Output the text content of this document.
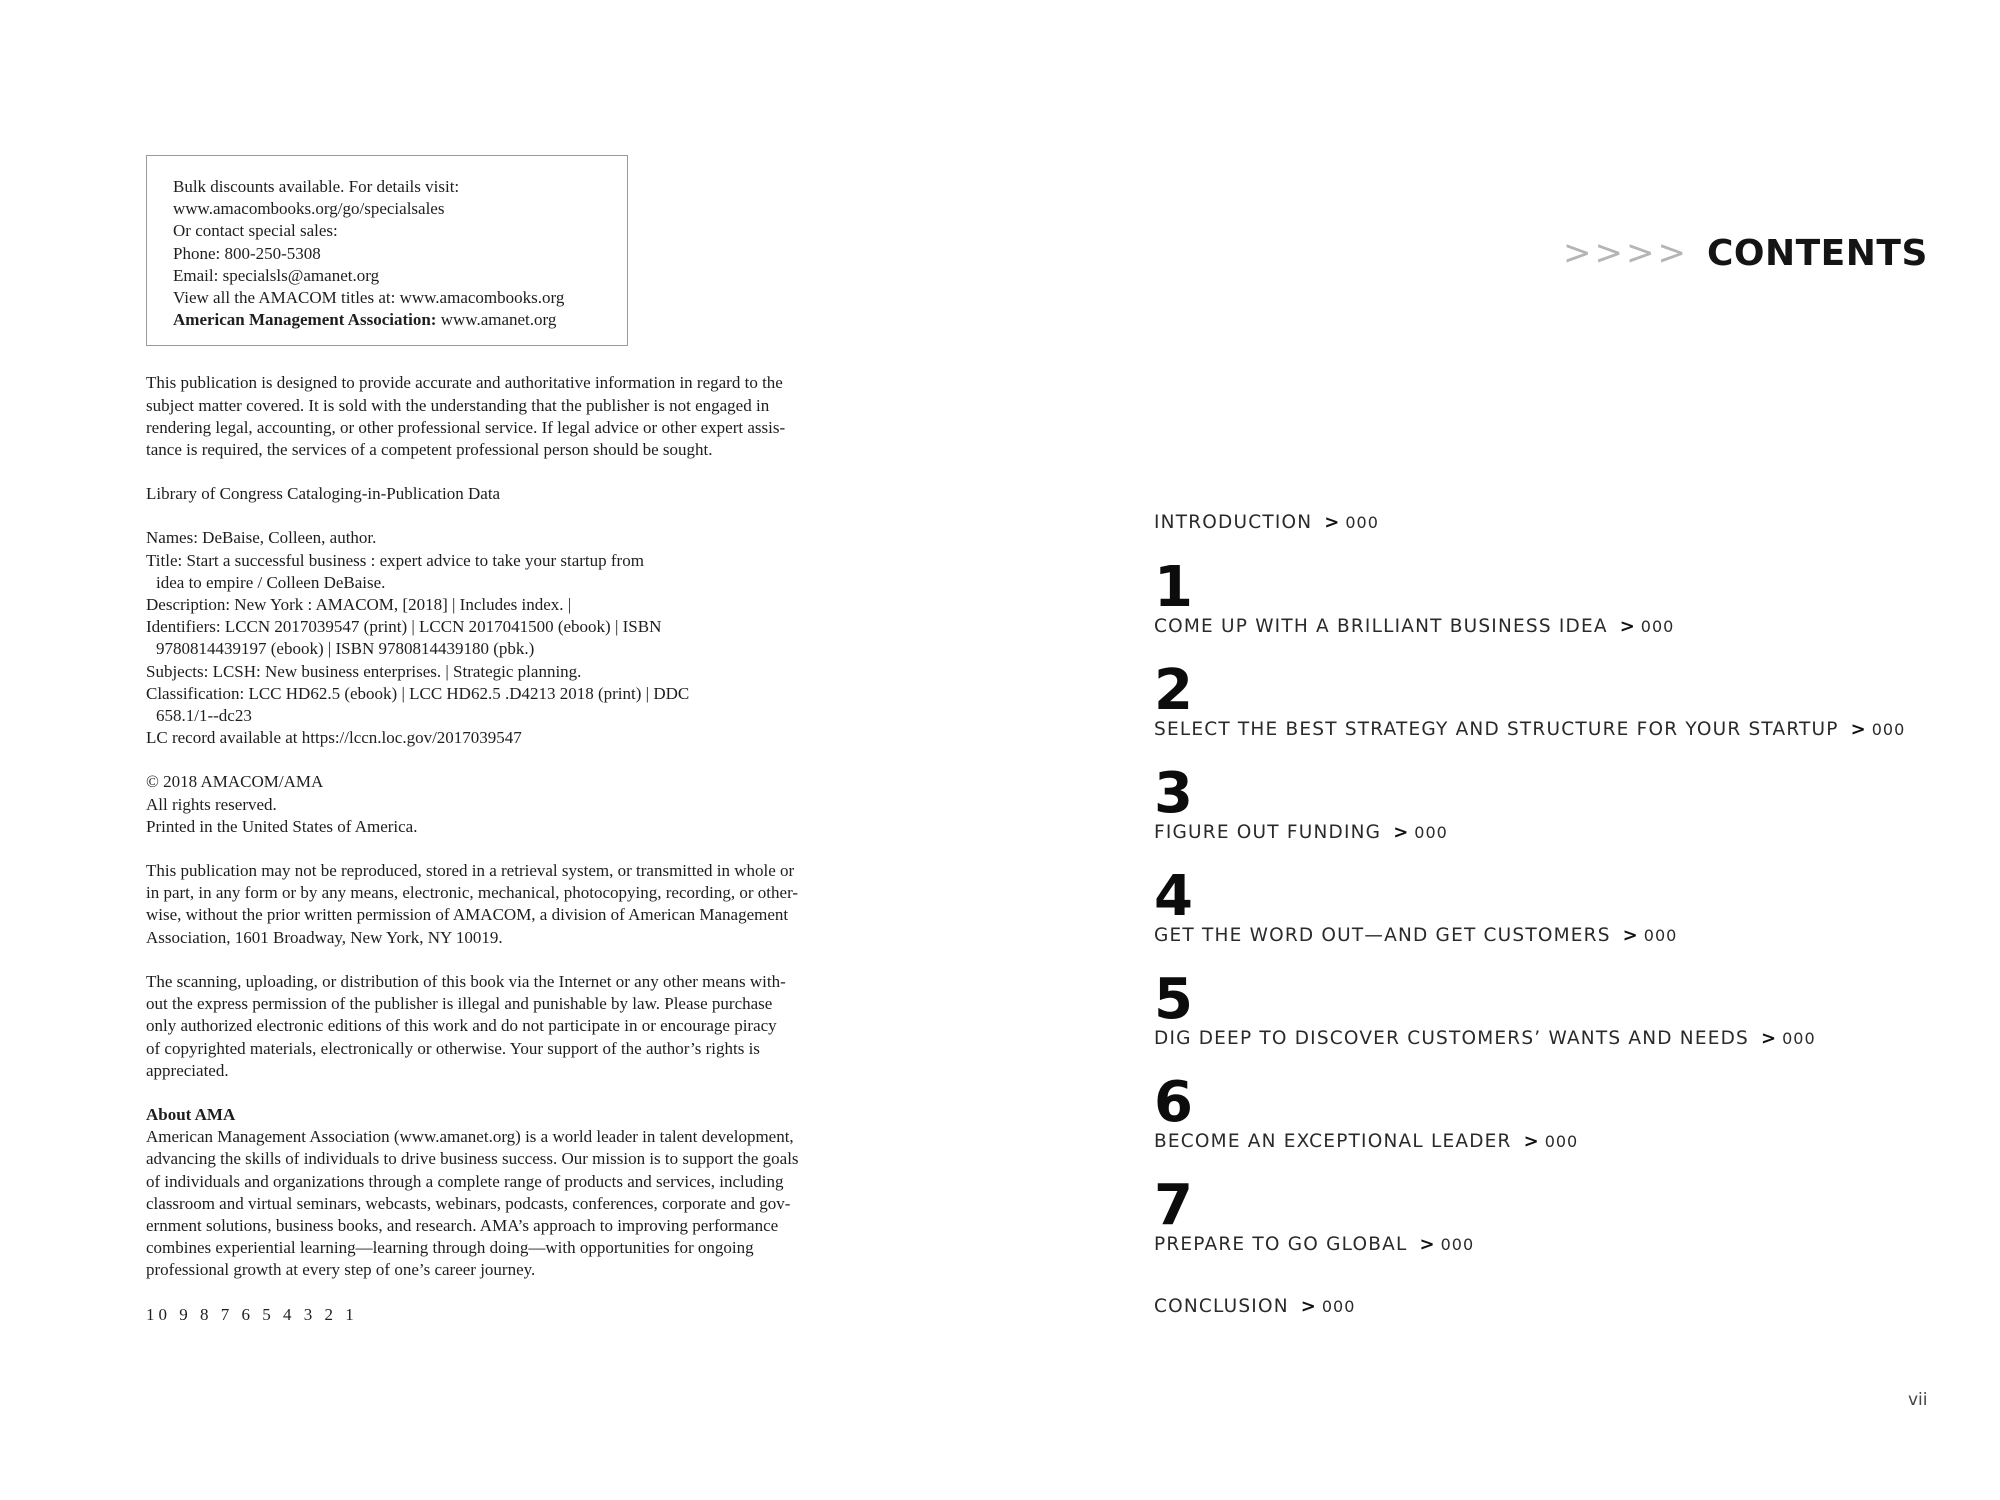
Bulk discounts available. For details visit:
www.amacombooks.org/go/specialsales
Or contact special sales:
Phone: 800-250-5308
Email: specialsls@amanet.org
View all the AMACOM titles at: www.amacombooks.org
American Management Association: www.amanet.org
This publication is designed to provide accurate and authoritative information in regard to the
subject matter covered. It is sold with the understanding that the publisher is not engaged in
rendering legal, accounting, or other professional service. If legal advice or other expert assis-
tance is required, the services of a competent professional person should be sought.
Library of Congress Cataloging-in-Publication Data
Names: DeBaise, Colleen, author.
Title: Start a successful business : expert advice to take your startup from
idea to empire / Colleen DeBaise.
Description: New York : AMACOM, [2018] | Includes index. |
Identifiers: LCCN 2017039547 (print) | LCCN 2017041500 (ebook) | ISBN
9780814439197 (ebook) | ISBN 9780814439180 (pbk.)
Subjects: LCSH: New business enterprises. | Strategic planning.
Classification: LCC HD62.5 (ebook) | LCC HD62.5 .D4213 2018 (print) | DDC
658.1/1--dc23
LC record available at https://lccn.loc.gov/2017039547
© 2018 AMACOM/AMA
All rights reserved.
Printed in the United States of America.
This publication may not be reproduced, stored in a retrieval system, or transmitted in whole or
in part, in any form or by any means, electronic, mechanical, photocopying, recording, or other-
wise, without the prior written permission of AMACOM, a division of American Management
Association, 1601 Broadway, New York, NY 10019.
The scanning, uploading, or distribution of this book via the Internet or any other means with-
out the express permission of the publisher is illegal and punishable by law. Please purchase
only authorized electronic editions of this work and do not participate in or encourage piracy
of copyrighted materials, electronically or otherwise. Your support of the author’s rights is
appreciated.
About AMA
American Management Association (www.amanet.org) is a world leader in talent development,
advancing the skills of individuals to drive business success. Our mission is to support the goals
of individuals and organizations through a complete range of products and services, including
classroom and virtual seminars, webcasts, webinars, podcasts, conferences, corporate and gov-
ernment solutions, business books, and research. AMA’s approach to improving performance
combines experiential learning—learning through doing—with opportunities for ongoing
professional growth at every step of one’s career journey.
10 9 8 7 6 5 4 3 2 1
>>>> CONTENTS
INTRODUCTION > 000
1
COME UP WITH A BRILLIANT BUSINESS IDEA > 000
2
SELECT THE BEST STRATEGY AND STRUCTURE FOR YOUR STARTUP > 000
3
FIGURE OUT FUNDING > 000
4
GET THE WORD OUT—AND GET CUSTOMERS > 000
5
DIG DEEP TO DISCOVER CUSTOMERS’ WANTS AND NEEDS > 000
6
BECOME AN EXCEPTIONAL LEADER > 000
7
PREPARE TO GO GLOBAL > 000
CONCLUSION > 000
vii
